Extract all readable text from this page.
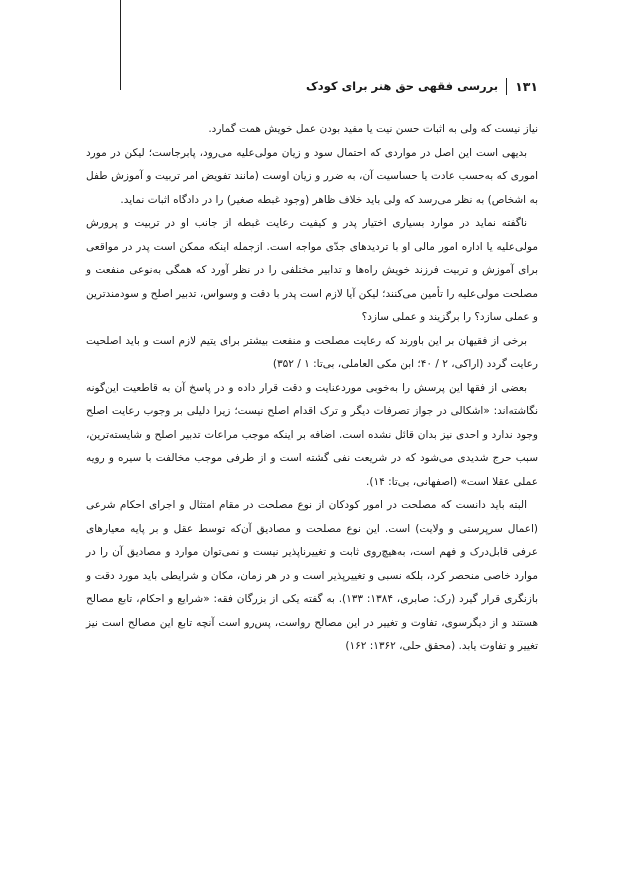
۱۳۱
بررسی فقهی حق هنر برای کودک

نیاز نیست که ولی به اثبات حسن نیت یا مفید بودن عمل خویش همت گمارد.

بدیهی است این اصل در مواردی که احتمال سود و زیان مولی‌علیه می‌رود، پابرجاست؛ لیکن در مورد اموری که به‌حسب عادت یا حساسیت آن، به ضرر و زیان اوست (مانند تفویض امر تربیت و آموزش طفل به اشخاص) به نظر می‌رسد که ولی باید خلاف ظاهر (وجود غبطه صغیر) را در دادگاه اثبات نماید.

ناگفته نماید در موارد بسیاری اختیار پدر و کیفیت رعایت غبطه از جانب او در تربیت و پرورش مولی‌علیه یا اداره امور مالی او با تردیدهای جدّی مواجه است. ازجمله اینکه ممکن است پدر در مواقعی برای آموزش و تربیت فرزند خویش راه‌ها و تدابیر مختلفی را در نظر آورد که همگی به‌نوعی منفعت و مصلحت مولی‌علیه را تأمین می‌کنند؛ لیکن آیا لازم است پدر با دقت و وسواس، تدبیر اصلح و سودمندترین و عملی سازد؟ را برگزیند و عملی سازد؟

برخی از فقیهان بر این باورند که رعایت مصلحت و منفعت بیشتر برای یتیم لازم است و باید اصلحیت رعایت گردد (اراکی، ۲ / ۴۰؛ ابن مکی العاملی، بی‌تا: ۱ / ۳۵۲)

بعضی از فقها این پرسش را به‌خوبی موردعنایت و دقت قرار داده و در پاسخ آن به قاطعیت این‌گونه نگاشته‌اند: «اشکالی در جواز تصرفات دیگر و ترک اقدام اصلح نیست؛ زیرا دلیلی بر وجوب رعایت اصلح وجود ندارد و احدی نیز بدان قائل نشده است. اضافه بر اینکه موجب مراعات تدبیر اصلح و شایسته‌ترین، سبب حرج شدیدی می‌شود که در شریعت نفی گشته است و از طرفی موجب مخالفت با سیره و رویه عملی عقلا است» (اصفهانی، بی‌تا: ۱۴).

البته باید دانست که مصلحت در امور کودکان از نوع مصلحت در مقام امتثال و اجرای احکام شرعی (اعمال سرپرستی و ولایت) است. این نوع مصلحت و مصادیق آن‌که توسط عقل و بر پایه معیارهای عرفی قابل‌درک و فهم است، به‌هیچ‌روی ثابت و تغییرناپذیر نیست و نمی‌توان موارد و مصادیق آن را در موارد خاصی منحصر کرد، بلکه نسبی و تغییرپذیر است و در هر زمان، مکان و شرایطی باید مورد دقت و بازنگری قرار گیرد (رک: صابری، ۱۳۸۴: ۱۳۳). به گفته یکی از بزرگان فقه: «شرایع و احکام، تابع مصالح هستند و از دیگرسوی، تفاوت و تغییر در این مصالح رواست، پس‌رو است آنچه تابع این مصالح است نیز تغییر و تفاوت یابد. (محقق حلی، ۱۳۶۲: ۱۶۲)
